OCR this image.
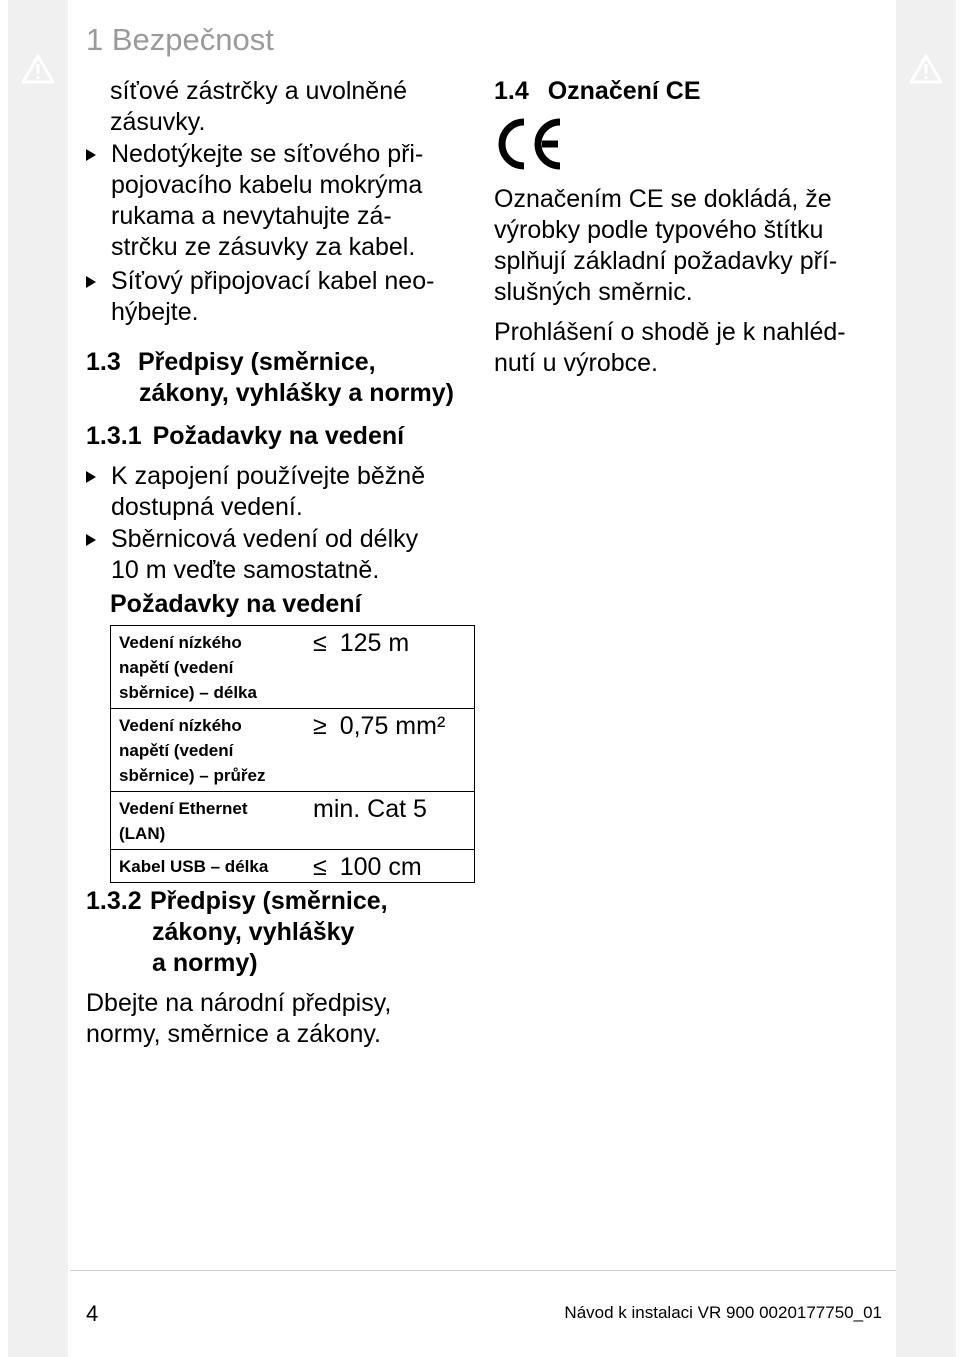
1 Bezpečnost
síťové zástrčky a uvolněné
zásuvky.
Nedotýkejte se síťového při-
pojovacího kabelu mokrýma
rukama a nevytahujte zá-
strčku ze zásuvky za kabel.
Síťový připojovací kabel neo-
hýbejte.
1.3 Předpisy (směrnice,
zákony, vyhlášky a normy)
1.3.1 Požadavky na vedení
K zapojení používejte běžně
dostupná vedení.
Sběrnicová vedení od délky
10 m veďte samostatně.
Požadavky na vedení
Vedení nízkého
napětí (vedení
sběrnice) – délka	≤ 125 m

Vedení nízkého
napětí (vedení
sběrnice) – průřez	≥ 0,75 mm²

Vedení Ethernet
(LAN)	min. Cat 5

Kabel USB – délka	≤ 100 cm
1.3.2 Předpisy (směrnice,
zákony, vyhlášky
a normy)
Dbejte na národní předpisy,
normy, směrnice a zákony.
1.4 Označení CE
Označením CE se dokládá, že
výrobky podle typového štítku
splňují základní požadavky pří-
slušných směrnic.
Prohlášení o shodě je k nahléd-
nutí u výrobce.
4	Návod k instalaci VR 900 0020177750_01
